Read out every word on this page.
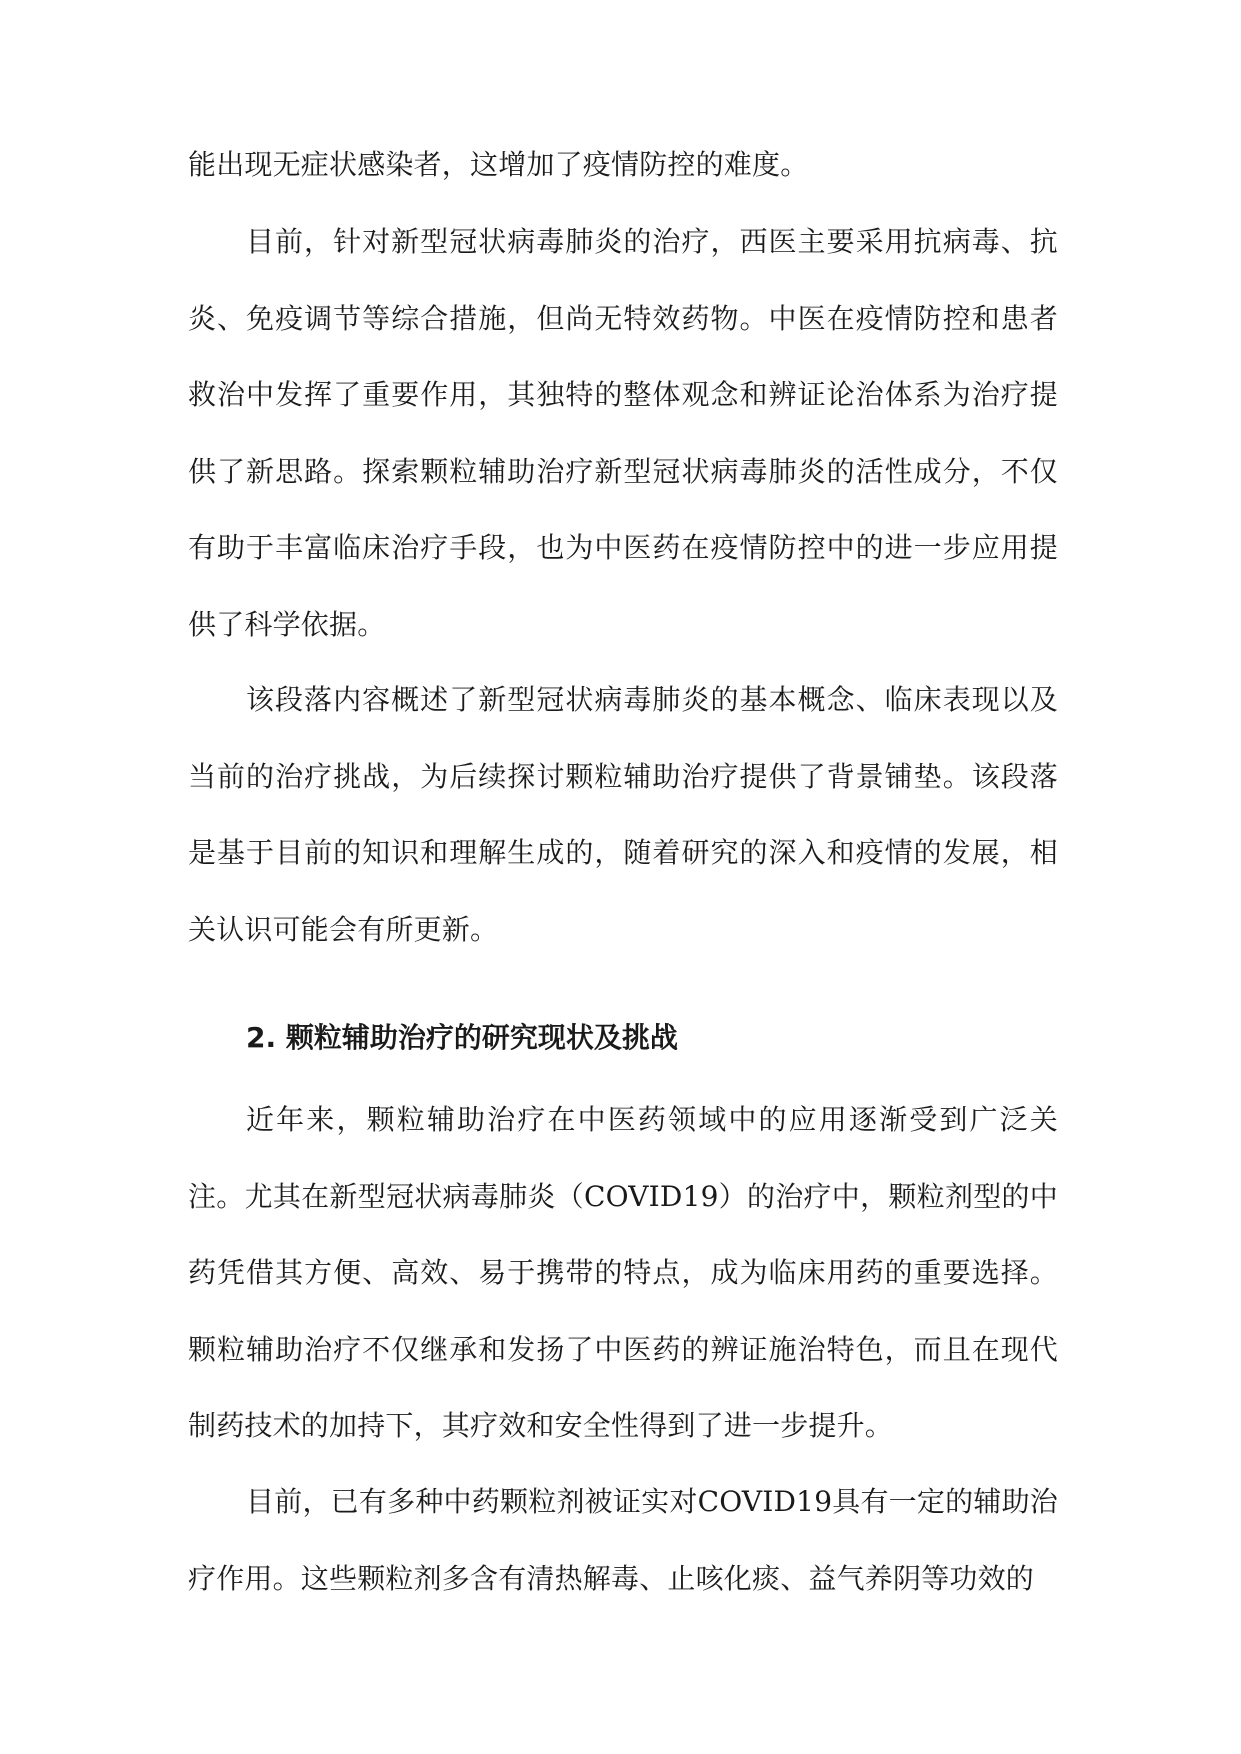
能出现无症状感染者，这增加了疫情防控的难度。

目前，针对新型冠状病毒肺炎的治疗，西医主要采用抗病毒、抗炎、免疫调节等综合措施，但尚无特效药物。中医在疫情防控和患者救治中发挥了重要作用，其独特的整体观念和辨证论治体系为治疗提供了新思路。探索颗粒辅助治疗新型冠状病毒肺炎的活性成分，不仅有助于丰富临床治疗手段，也为中医药在疫情防控中的进一步应用提供了科学依据。

该段落内容概述了新型冠状病毒肺炎的基本概念、临床表现以及当前的治疗挑战，为后续探讨颗粒辅助治疗提供了背景铺垫。该段落是基于目前的知识和理解生成的，随着研究的深入和疫情的发展，相关认识可能会有所更新。

2. 颗粒辅助治疗的研究现状及挑战

近年来，颗粒辅助治疗在中医药领域中的应用逐渐受到广泛关注。尤其在新型冠状病毒肺炎（COVID19）的治疗中，颗粒剂型的中药凭借其方便、高效、易于携带的特点，成为临床用药的重要选择。颗粒辅助治疗不仅继承和发扬了中医药的辨证施治特色，而且在现代制药技术的加持下，其疗效和安全性得到了进一步提升。

目前，已有多种中药颗粒剂被证实对COVID19具有一定的辅助治疗作用。这些颗粒剂多含有清热解毒、止咳化痰、益气养阴等功效的
